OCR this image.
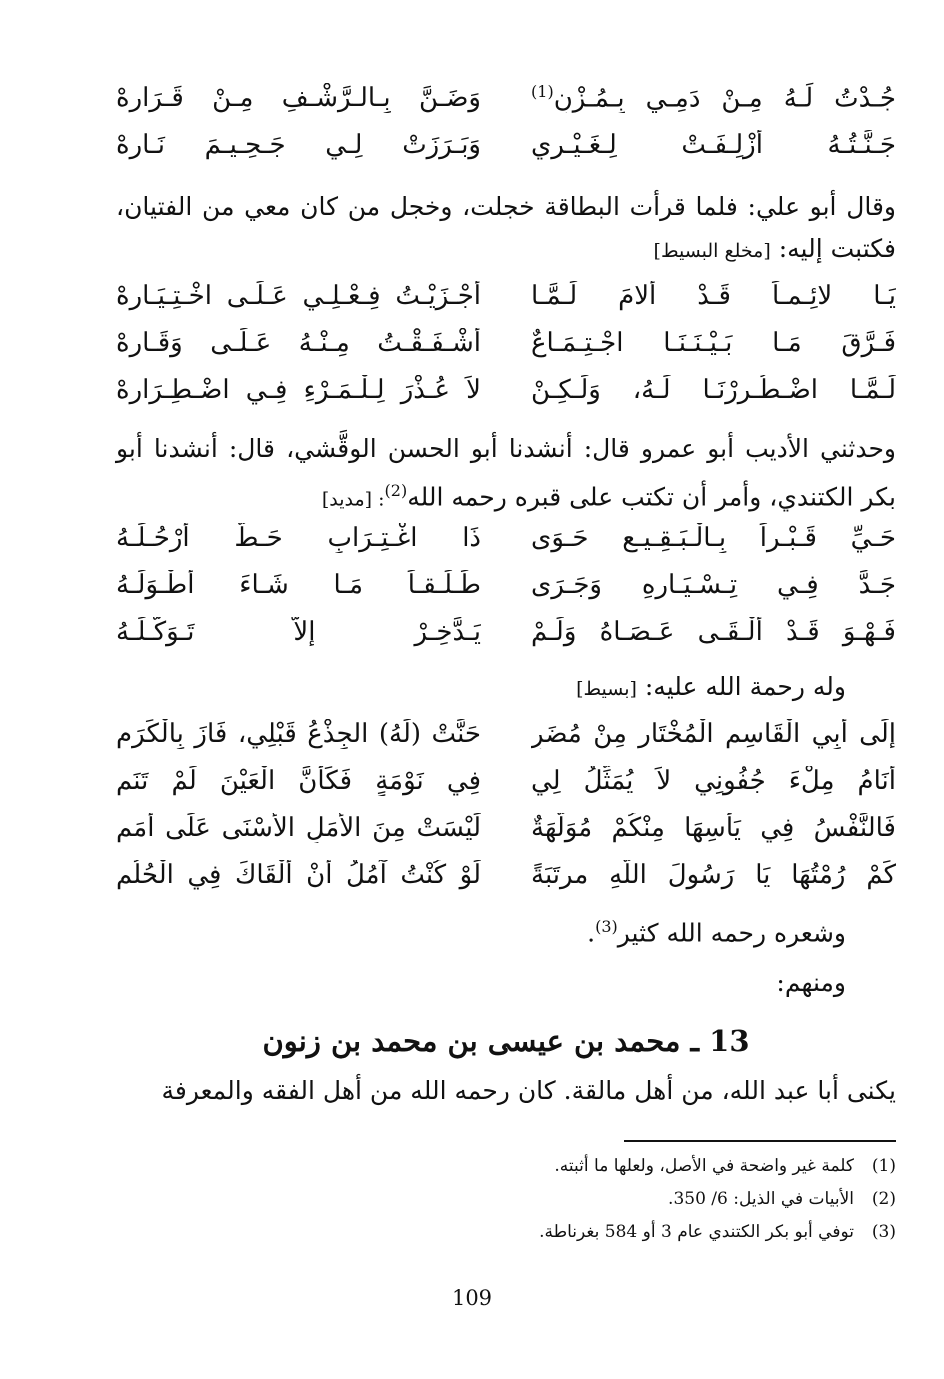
جُـدْتُ لَـهُ مِـنْ دَمِـي بِـمُـزْنٍ$^{(1)}$
وَضَـنَّ بِـالـرَّشْـفِ مِـنْ قَـرَارهْ
جَـنَّـتُـهُ أُزْلِـفَـتْ لِـغَـيْـرِي
وَبَـرَزَتْ لِـي جَـحِـيـمَ نَـارهْ
وقال أبو علي: فلما قرأت البطاقة خجلت، وخجل من كان معي من الفتيان، فكتبت إليه: [مخلع البسيط]
يَـا لائِـمـاً قَـدْ أَلامَ لَـمَّـا
أَجْـزَيْـتُ فِـعْـلِـي عَـلَـى اخْـتِـيَـارهْ
فَـرَّقَ مَـا بَـيْـنَـنَـا اجْـتِـمَـاعٌ
أَشْـفَـقْـتُ مِـنْـهُ عَـلَـى وَقَـارهْ
لَـمَّـا اضْـطُـرِرْنَـا لَـهُ، وَلَـكِـنْ
لاَ عُـذْرَ لِـلْـمَـرْءِ فِـي اضْـطِـرَارهْ
وحدثني الأديب أبو عمرو قال: أنشدنا أبو الحسن الوقَّشي، قال: أنشدنا أبو بكر الكتندي، وأمر أن تكتب على قبره رحمه الله$^{(2)}$: [مديد]
حَـيِّ قَـبْـراً بِـالْـبَـقِـيـعِ حَـوَى
ذَا اغْـتِـرَابٍ حَـطَّ أَرْحُـلَـهُ
جَـدَّ فِـي تِـسْـيَـارِهِ وَجَـرَى
طَـلَـقـاً مَـا شَـاءَ أَطْـوَلَـهُ
فَـهْـوَ قَـدْ أَلْـقَـى عَـصَـاهُ وَلَـمْ
يَـدَّخِـرْ إِلاَّ تَـوَكُّـلَـهُ
وله رحمة الله عليه: [بسيط]
إِلَى أَبِي الْقَاسِمِ الْمُخْتَارِ مِنْ مُضَرٍ
حَنَّتْ (لَهُ) الجِذْعُ قَبْلِي، فَازَ بِالْكَرَمِ
أَنَامُ مِلْءَ جُفُونِي لاَ يُمَثِّلُ لِي
فِي نَوْمَةٍ فَكَأَنَّ الْعَيْنَ لَمْ تَنَمِ
فَالنَّفْسُ فِي يَأْسِهَا مِنْكُمْ مُوَلَّهَةٌ
لَيْسَتْ مِنَ الأَمَلِ الأَسْنَى عَلَى أَمَمِ
كَمْ رُمْتُهَا يَا رَسُولَ اللَّهِ مرتَبَةً
لَوْ كُنْتُ آمُلُ أَنْ أَلْقَاكَ فِي الْحُلُمِ
وشعره رحمه الله كثير$^{(3)}$.
ومنهم:
13 ـ محمد بن عيسى بن محمد بن زنون
يكنى أبا عبد الله، من أهل مالقة. كان رحمه الله من أهل الفقه والمعرفة
(1)
كلمة غير واضحة في الأصل، ولعلها ما أثبته.
(2)
الأبيات في الذيل: 6/ 350.
(3)
توفي أبو بكر الكتندي عام 3 أو 584 بغرناطة.
109
